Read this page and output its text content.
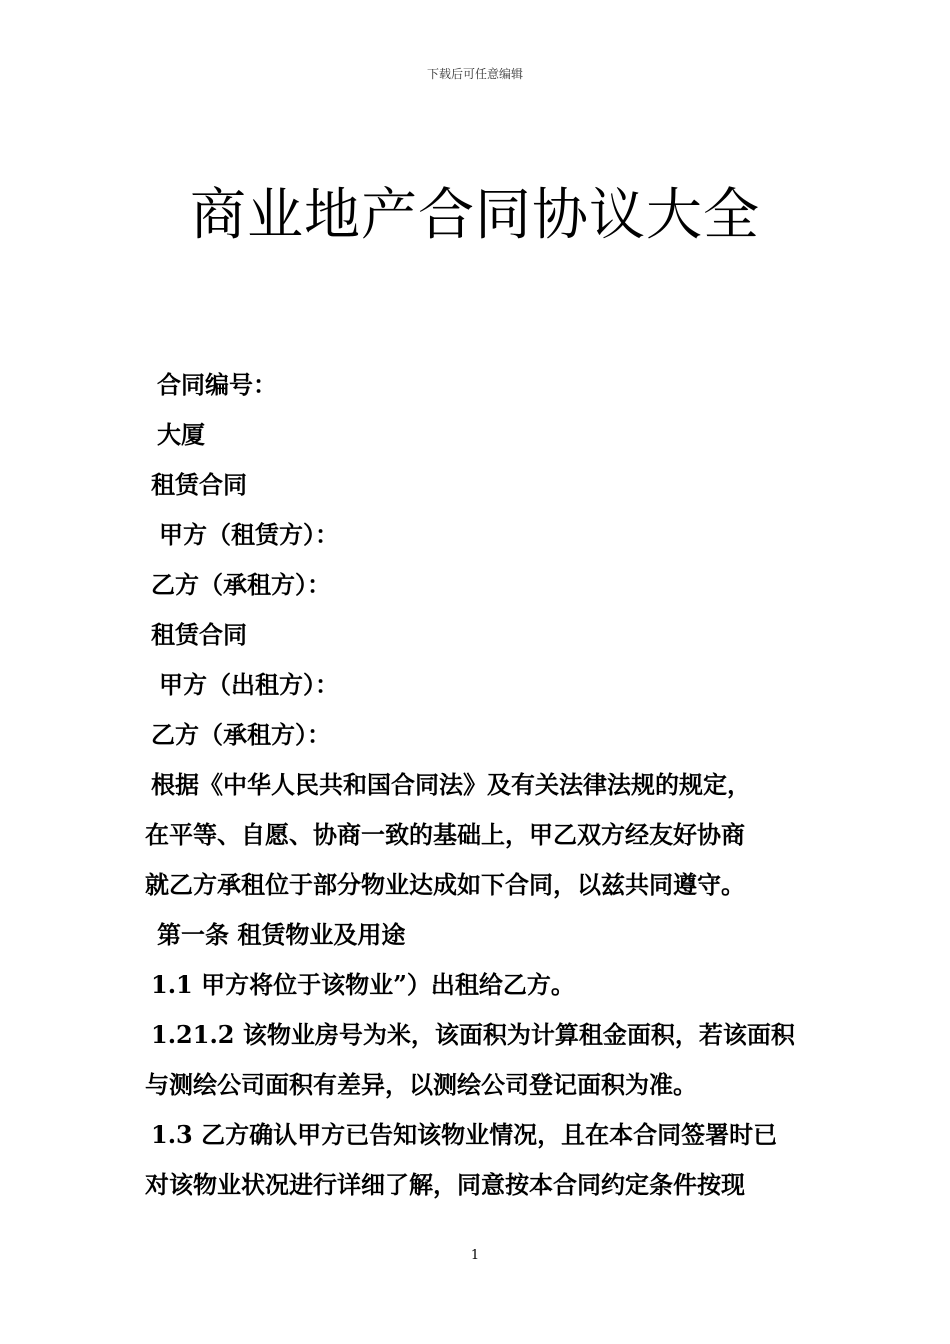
下载后可任意编辑
商业地产合同协议大全
合同编号：
大厦
租赁合同
甲方（租赁方）：
乙方（承租方）：
租赁合同
甲方（出租方）：
乙方（承租方）：
根据《中华人民共和国合同法》及有关法律法规的规定，
在平等、自愿、协商一致的基础上，甲乙双方经友好协商
就乙方承租位于部分物业达成如下合同，以兹共同遵守。
第一条 租赁物业及用途
1.1 甲方将位于该物业”）出租给乙方。
1.21.2 该物业房号为米，该面积为计算租金面积，若该面积
与测绘公司面积有差异，以测绘公司登记面积为准。
1.3 乙方确认甲方已告知该物业情况，且在本合同签署时已
对该物业状况进行详细了解，同意按本合同约定条件按现
1
